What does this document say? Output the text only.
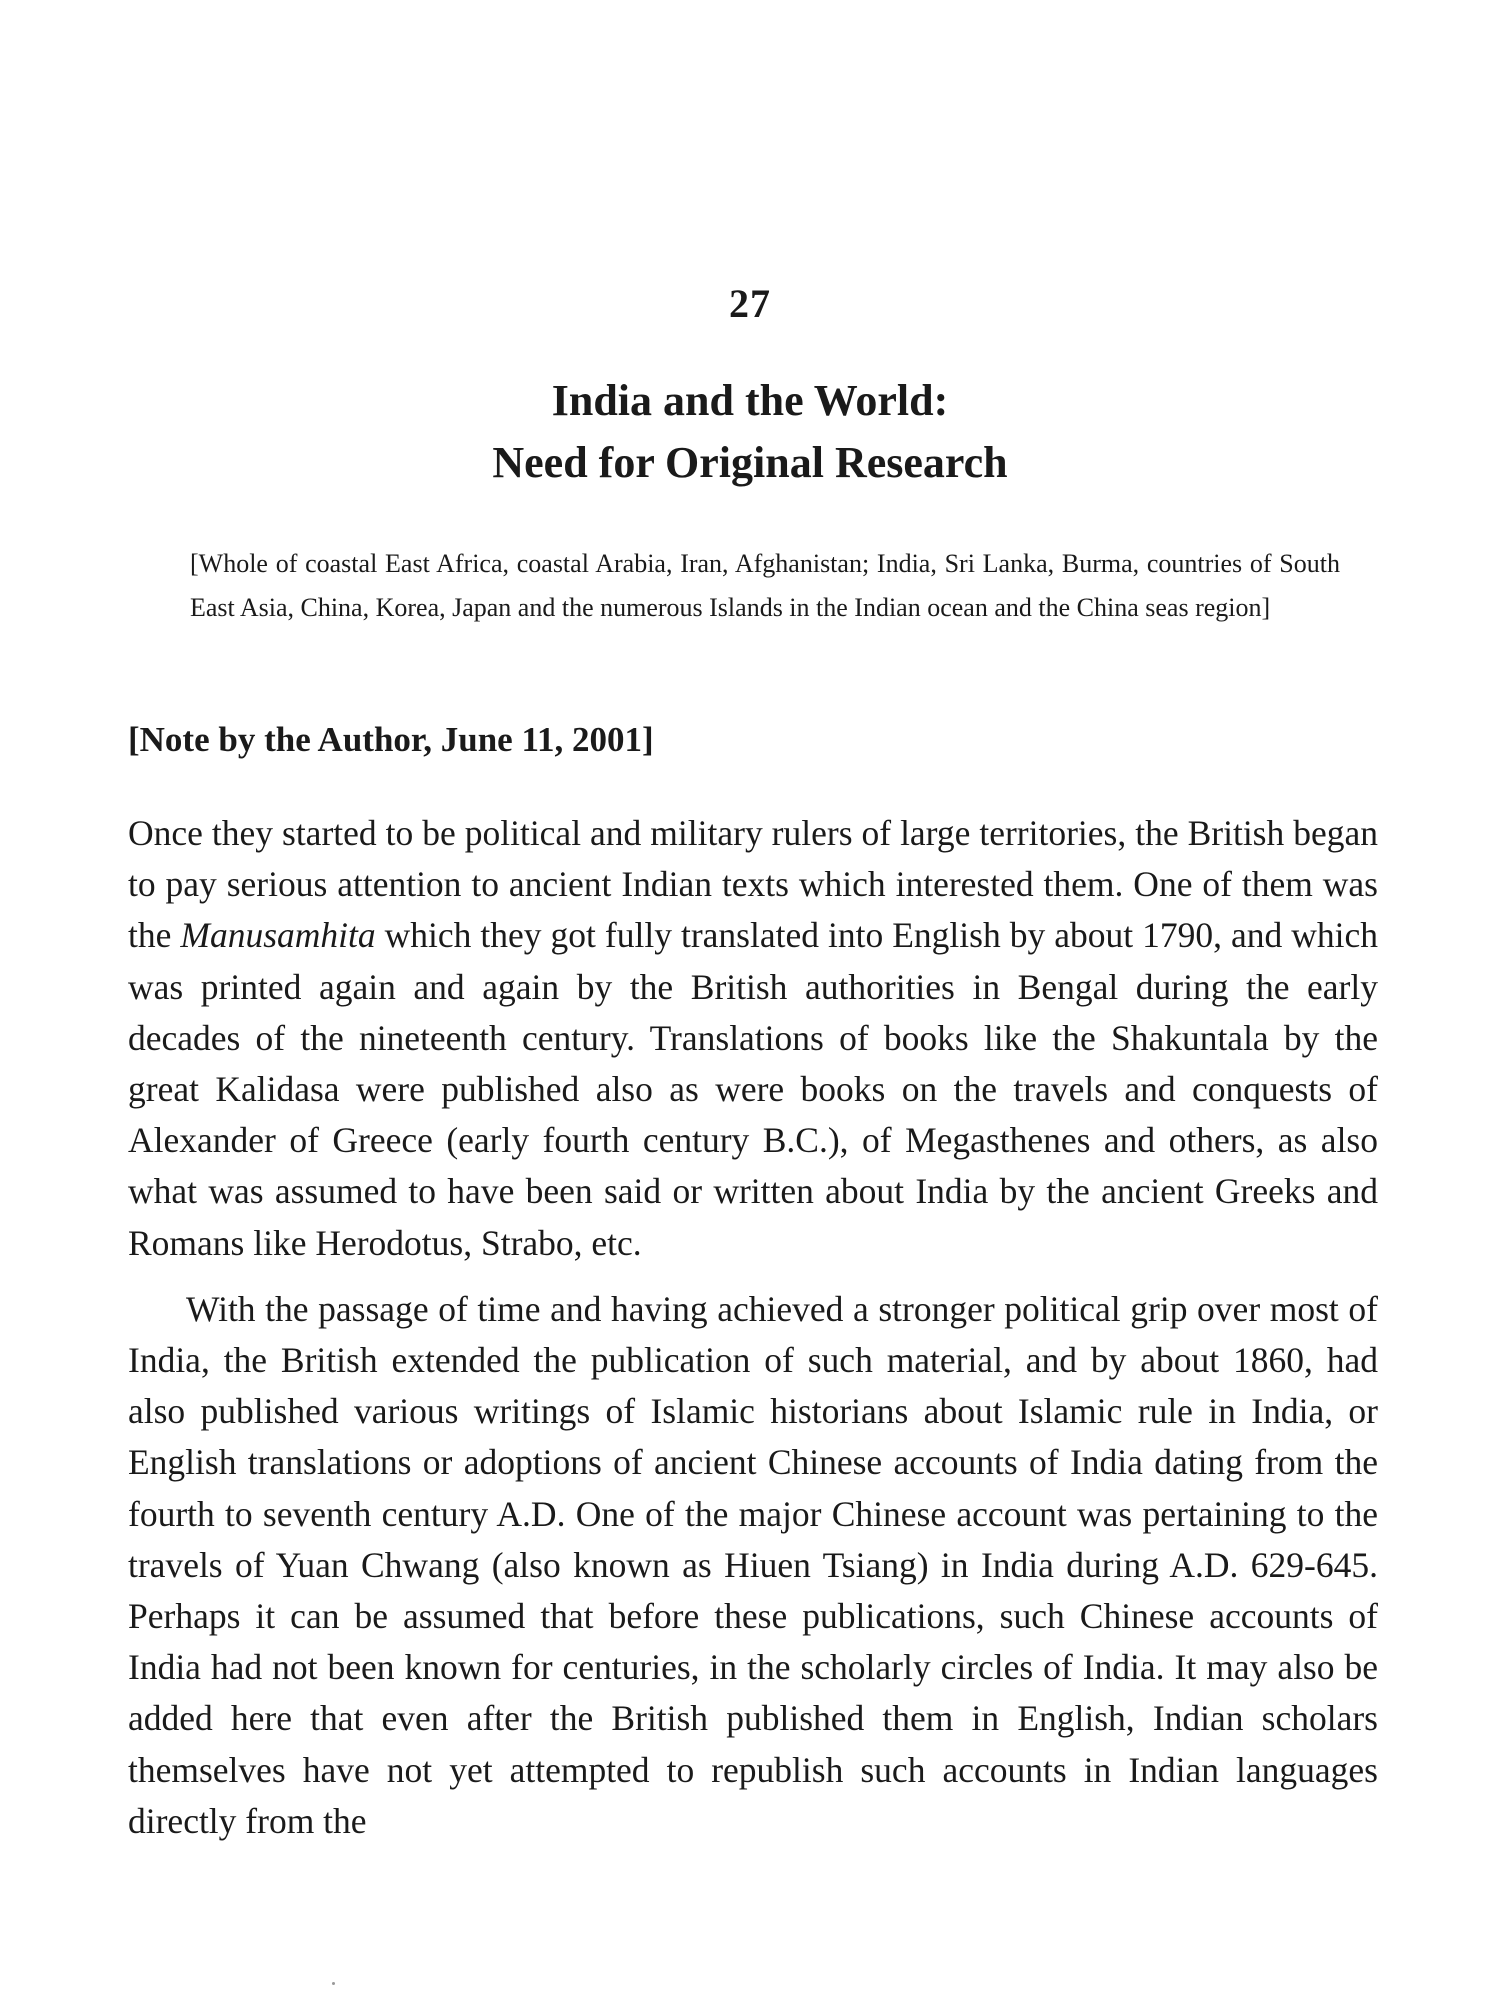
27
India and the World:
Need for Original Research
[Whole of coastal East Africa, coastal Arabia, Iran, Afghanistan; India, Sri Lanka, Burma, countries of South East Asia, China, Korea, Japan and the numerous Islands in the Indian ocean and the China seas region]
[Note by the Author, June 11, 2001]

Once they started to be political and military rulers of large territories, the British began to pay serious attention to ancient Indian texts which interested them. One of them was the Manusamhita which they got fully translated into English by about 1790, and which was printed again and again by the British authorities in Bengal during the early decades of the nineteenth century. Translations of books like the Shakuntala by the great Kalidasa were published also as were books on the travels and conquests of Alexander of Greece (early fourth century B.C.), of Megasthenes and others, as also what was assumed to have been said or written about India by the ancient Greeks and Romans like Herodotus, Strabo, etc.

With the passage of time and having achieved a stronger political grip over most of India, the British extended the publication of such material, and by about 1860, had also published various writings of Islamic historians about Islamic rule in India, or English translations or adoptions of ancient Chinese accounts of India dating from the fourth to seventh century A.D. One of the major Chinese account was pertaining to the travels of Yuan Chwang (also known as Hiuen Tsiang) in India during A.D. 629-645. Perhaps it can be assumed that before these publications, such Chinese accounts of India had not been known for centuries, in the scholarly circles of India. It may also be added here that even after the British published them in English, Indian scholars themselves have not yet attempted to republish such accounts in Indian languages directly from the
